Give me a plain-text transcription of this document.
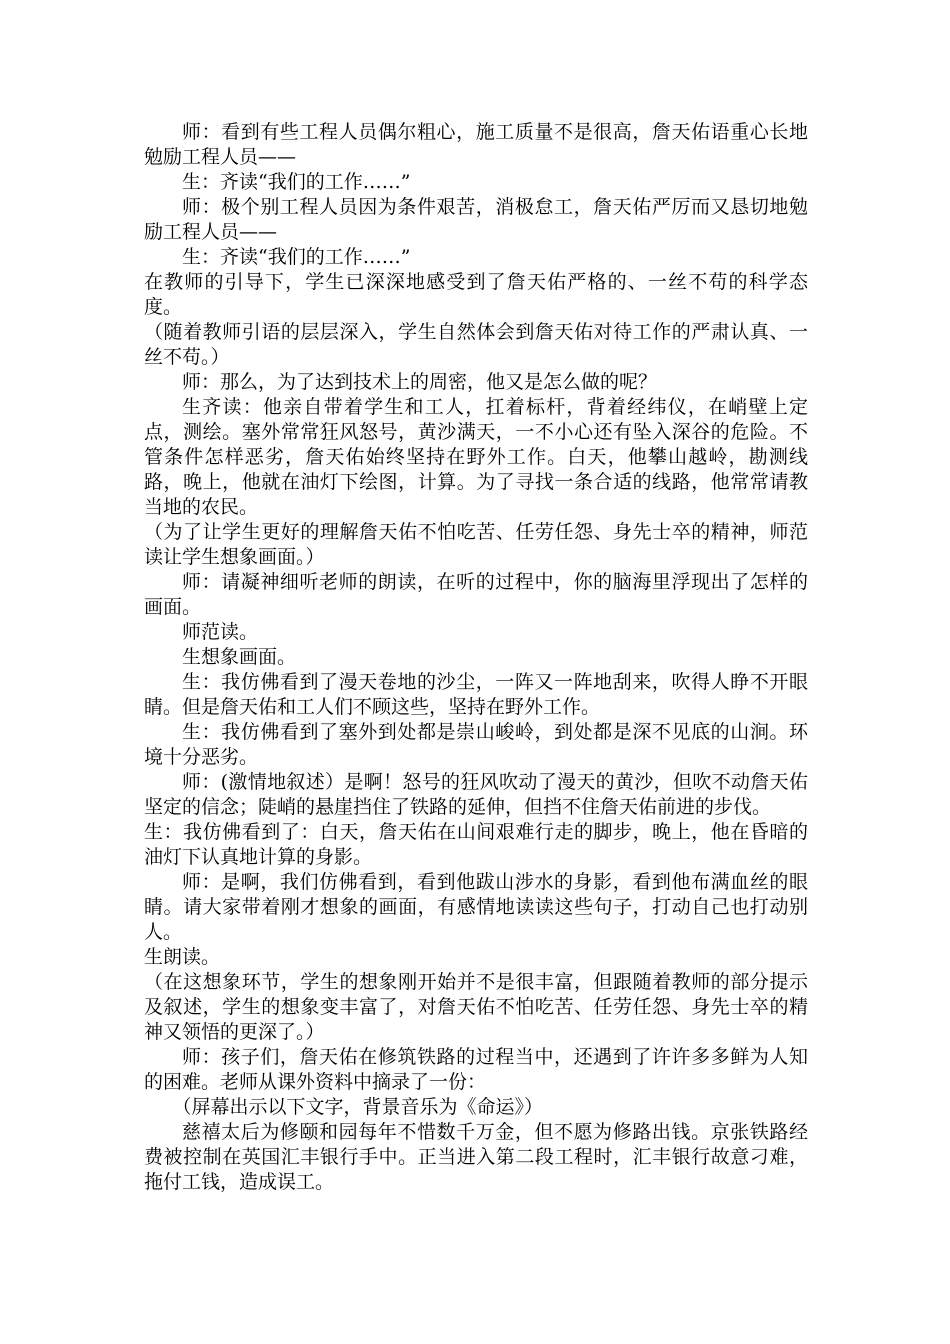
师：看到有些工程人员偶尔粗心，施工质量不是很高，詹天佑语重心长地勉励工程人员——

生：齐读“我们的工作……”

师：极个别工程人员因为条件艰苦，消极怠工，詹天佑严厉而又恳切地勉励工程人员——

生：齐读“我们的工作……”

在教师的引导下，学生已深深地感受到了詹天佑严格的、一丝不苟的科学态度。

（随着教师引语的层层深入，学生自然体会到詹天佑对待工作的严肃认真、一丝不苟。）

师：那么，为了达到技术上的周密，他又是怎么做的呢？

生齐读：他亲自带着学生和工人，扛着标杆，背着经纬仪，在峭壁上定点，测绘。塞外常常狂风怒号，黄沙满天，一不小心还有坠入深谷的危险。不管条件怎样恶劣，詹天佑始终坚持在野外工作。白天，他攀山越岭，勘测线路，晚上，他就在油灯下绘图，计算。为了寻找一条合适的线路，他常常请教当地的农民。

（为了让学生更好的理解詹天佑不怕吃苦、任劳任怨、身先士卒的精神，师范读让学生想象画面。）

师：请凝神细听老师的朗读，在听的过程中，你的脑海里浮现出了怎样的画面。

师范读。

生想象画面。

生：我仿佛看到了漫天卷地的沙尘，一阵又一阵地刮来，吹得人睁不开眼睛。但是詹天佑和工人们不顾这些，坚持在野外工作。

生：我仿佛看到了塞外到处都是崇山峻岭，到处都是深不见底的山涧。环境十分恶劣。

师：(激情地叙述）是啊！怒号的狂风吹动了漫天的黄沙，但吹不动詹天佑坚定的信念；陡峭的悬崖挡住了铁路的延伸，但挡不住詹天佑前进的步伐。

生：我仿佛看到了：白天，詹天佑在山间艰难行走的脚步，晚上，他在昏暗的油灯下认真地计算的身影。

师：是啊，我们仿佛看到，看到他跋山涉水的身影，看到他布满血丝的眼睛。请大家带着刚才想象的画面，有感情地读读这些句子，打动自己也打动别人。

生朗读。

（在这想象环节，学生的想象刚开始并不是很丰富，但跟随着教师的部分提示及叙述，学生的想象变丰富了，对詹天佑不怕吃苦、任劳任怨、身先士卒的精神又领悟的更深了。）

师：孩子们，詹天佑在修筑铁路的过程当中，还遇到了许许多多鲜为人知的困难。老师从课外资料中摘录了一份：

（屏幕出示以下文字，背景音乐为《命运》）

慈禧太后为修颐和园每年不惜数千万金，但不愿为修路出钱。京张铁路经费被控制在英国汇丰银行手中。正当进入第二段工程时，汇丰银行故意刁难，拖付工钱，造成误工。
